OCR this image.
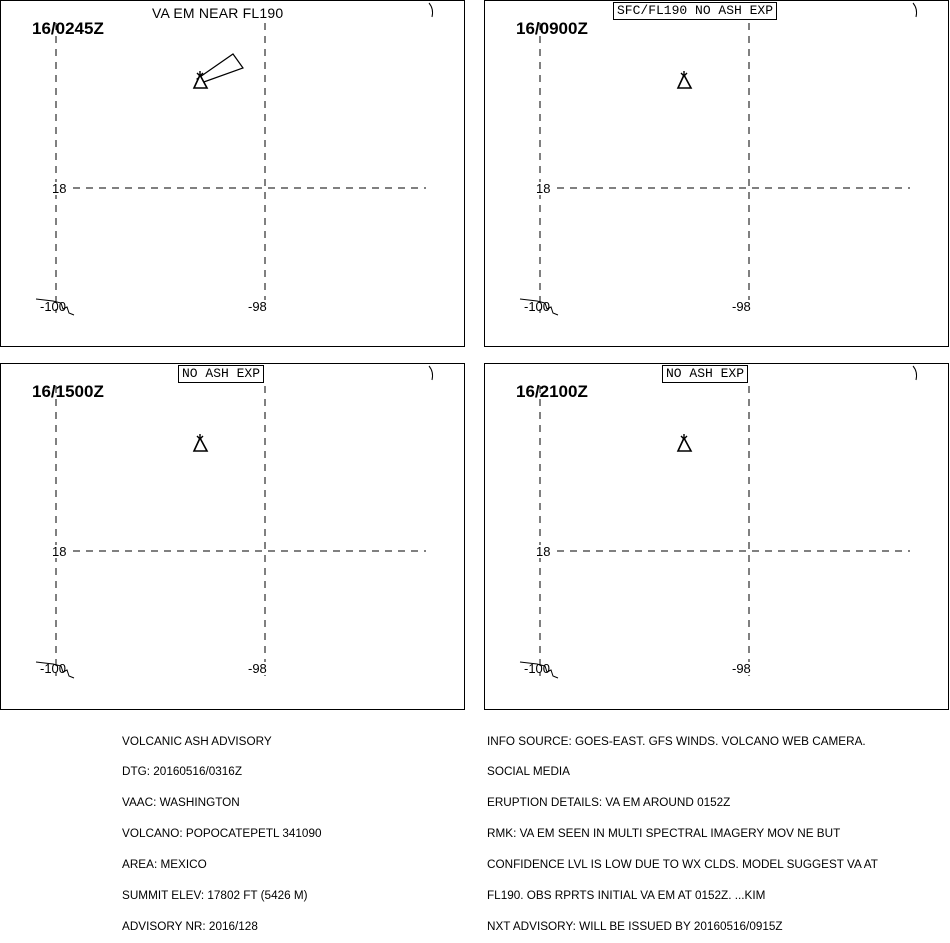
16/0245Z
VA EM NEAR FL190
18
-100	-98
16/0900Z
SFC/FL190 NO ASH EXP
18
-100	-98
16/1500Z
NO ASH EXP
18
-100	-98
16/2100Z
NO ASH EXP
18
-100	-98

VOLCANIC ASH ADVISORY

DTG: 20160516/0316Z

VAAC: WASHINGTON

VOLCANO: POPOCATEPETL 341090

AREA: MEXICO

SUMMIT ELEV: 17802 FT (5426 M)

ADVISORY NR: 2016/128

INFO SOURCE: GOES-EAST. GFS WINDS. VOLCANO WEB CAMERA.

SOCIAL MEDIA

ERUPTION DETAILS: VA EM AROUND 0152Z

RMK: VA EM SEEN IN MULTI SPECTRAL IMAGERY MOV NE BUT

CONFIDENCE LVL IS LOW DUE TO WX CLDS. MODEL SUGGEST VA AT

FL190. OBS RPRTS INITIAL VA EM AT 0152Z. ...KIM

NXT ADVISORY: WILL BE ISSUED BY 20160516/0915Z
